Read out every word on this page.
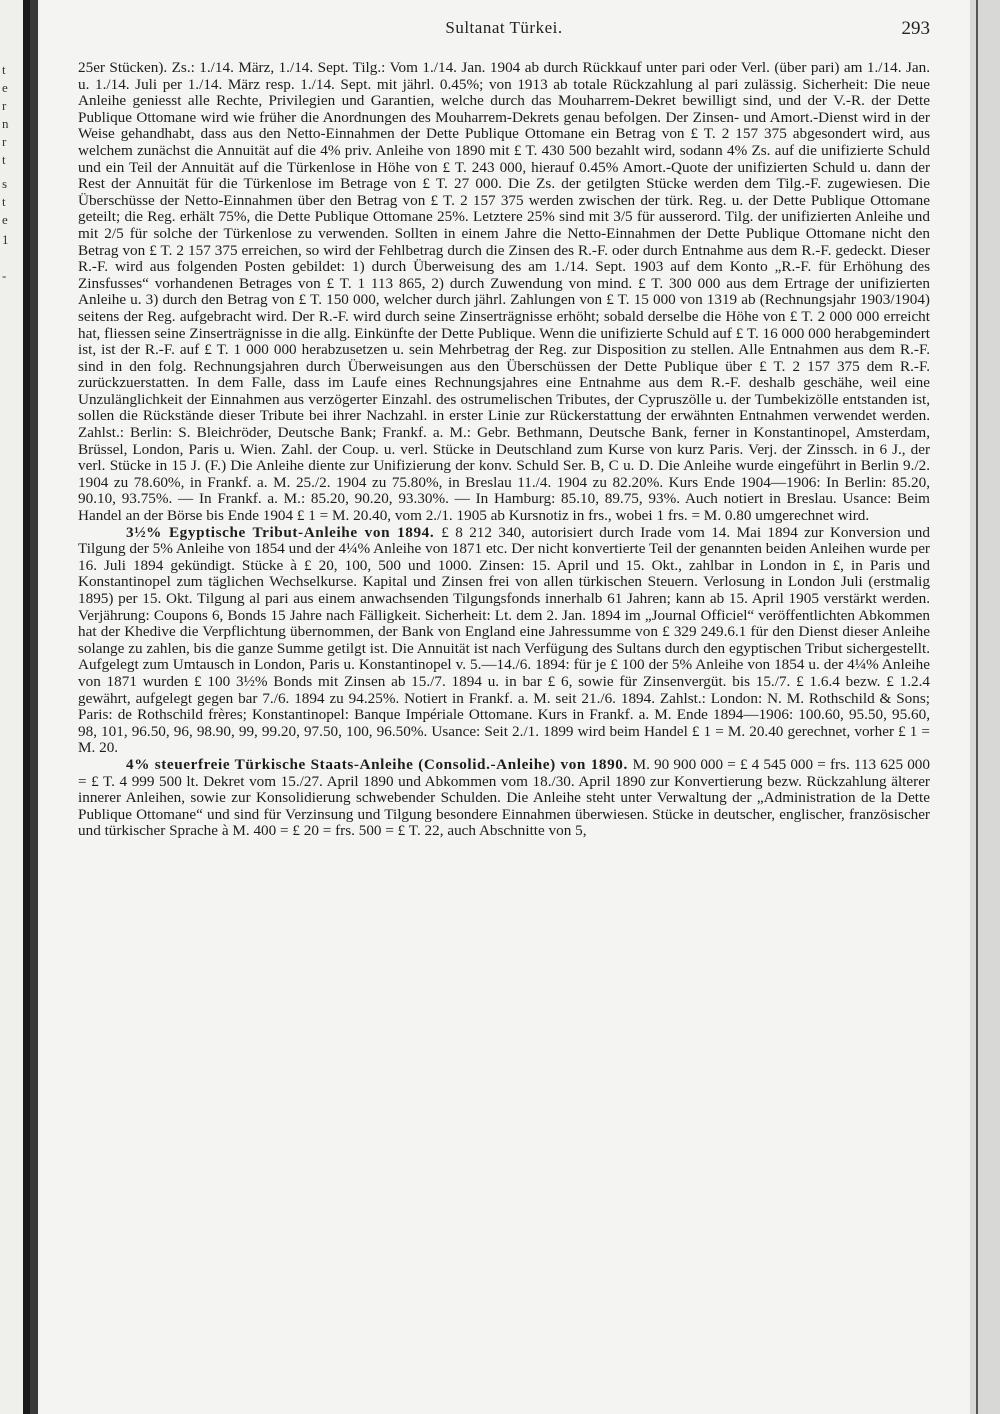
t
e
r
n
r
t
s
t
e
1
-
Sultanat Türkei.	293

25er Stücken). Zs.: 1./14. März, 1./14. Sept. Tilg.: Vom 1./14. Jan. 1904 ab durch Rückkauf unter pari oder Verl. (über pari) am 1./14. Jan. u. 1./14. Juli per 1./14. März resp. 1./14. Sept. mit jährl. 0.45%; von 1913 ab totale Rückzahlung al pari zulässig. Sicherheit: Die neue Anleihe geniesst alle Rechte, Privilegien und Garantien, welche durch das Mouharrem-Dekret bewilligt sind, und der V.-R. der Dette Publique Ottomane wird wie früher die Anordnungen des Mouharrem-Dekrets genau befolgen. Der Zinsen- und Amort.-Dienst wird in der Weise gehandhabt, dass aus den Netto-Einnahmen der Dette Publique Ottomane ein Betrag von £ T. 2 157 375 abgesondert wird, aus welchem zunächst die Annuität auf die 4% priv. Anleihe von 1890 mit £ T. 430 500 bezahlt wird, sodann 4% Zs. auf die unifizierte Schuld und ein Teil der Annuität auf die Türkenlose in Höhe von £ T. 243 000, hierauf 0.45% Amort.-Quote der unifizierten Schuld u. dann der Rest der Annuität für die Türkenlose im Betrage von £ T. 27 000. Die Zs. der getilgten Stücke werden dem Tilg.-F. zugewiesen. Die Überschüsse der Netto-Einnahmen über den Betrag von £ T. 2 157 375 werden zwischen der türk. Reg. u. der Dette Publique Ottomane geteilt; die Reg. erhält 75%, die Dette Publique Ottomane 25%. Letztere 25% sind mit 3/5 für ausserord. Tilg. der unifizierten Anleihe und mit 2/5 für solche der Türkenlose zu verwenden. Sollten in einem Jahre die Netto-Einnahmen der Dette Publique Ottomane nicht den Betrag von £ T. 2 157 375 erreichen, so wird der Fehlbetrag durch die Zinsen des R.-F. oder durch Entnahme aus dem R.-F. gedeckt. Dieser R.-F. wird aus folgenden Posten gebildet: 1) durch Überweisung des am 1./14. Sept. 1903 auf dem Konto „R.-F. für Erhöhung des Zinsfusses“ vorhandenen Betrages von £ T. 1 113 865, 2) durch Zuwendung von mind. £ T. 300 000 aus dem Ertrage der unifizierten Anleihe u. 3) durch den Betrag von £ T. 150 000, welcher durch jährl. Zahlungen von £ T. 15 000 von 1319 ab (Rechnungsjahr 1903/1904) seitens der Reg. aufgebracht wird. Der R.-F. wird durch seine Zinserträgnisse erhöht; sobald derselbe die Höhe von £ T. 2 000 000 erreicht hat, fliessen seine Zinserträgnisse in die allg. Einkünfte der Dette Publique. Wenn die unifizierte Schuld auf £ T. 16 000 000 herabgemindert ist, ist der R.-F. auf £ T. 1 000 000 herabzusetzen u. sein Mehrbetrag der Reg. zur Disposition zu stellen. Alle Entnahmen aus dem R.-F. sind in den folg. Rechnungsjahren durch Überweisungen aus den Überschüssen der Dette Publique über £ T. 2 157 375 dem R.-F. zurückzuerstatten. In dem Falle, dass im Laufe eines Rechnungsjahres eine Entnahme aus dem R.-F. deshalb geschähe, weil eine Unzulänglichkeit der Einnahmen aus verzögerter Einzahl. des ostrumelischen Tributes, der Cypruszölle u. der Tumbekizölle entstanden ist, sollen die Rückstände dieser Tribute bei ihrer Nachzahl. in erster Linie zur Rückerstattung der erwähnten Entnahmen verwendet werden. Zahlst.: Berlin: S. Bleichröder, Deutsche Bank; Frankf. a. M.: Gebr. Bethmann, Deutsche Bank, ferner in Konstantinopel, Amsterdam, Brüssel, London, Paris u. Wien. Zahl. der Coup. u. verl. Stücke in Deutschland zum Kurse von kurz Paris. Verj. der Zinssch. in 6 J., der verl. Stücke in 15 J. (F.) Die Anleihe diente zur Unifizierung der konv. Schuld Ser. B, C u. D. Die Anleihe wurde eingeführt in Berlin 9./2. 1904 zu 78.60%, in Frankf. a. M. 25./2. 1904 zu 75.80%, in Breslau 11./4. 1904 zu 82.20%. Kurs Ende 1904—1906: In Berlin: 85.20, 90.10, 93.75%. — In Frankf. a. M.: 85.20, 90.20, 93.30%. — In Hamburg: 85.10, 89.75, 93%. Auch notiert in Breslau. Usance: Beim Handel an der Börse bis Ende 1904 £ 1 = M. 20.40, vom 2./1. 1905 ab Kursnotiz in frs., wobei 1 frs. = M. 0.80 umgerechnet wird.

3½% Egyptische Tribut-Anleihe von 1894. £ 8 212 340, autorisiert durch Irade vom 14. Mai 1894 zur Konversion und Tilgung der 5% Anleihe von 1854 und der 4¼% Anleihe von 1871 etc. Der nicht konvertierte Teil der genannten beiden Anleihen wurde per 16. Juli 1894 gekündigt. Stücke à £ 20, 100, 500 und 1000. Zinsen: 15. April und 15. Okt., zahlbar in London in £, in Paris und Konstantinopel zum täglichen Wechselkurse. Kapital und Zinsen frei von allen türkischen Steuern. Verlosung in London Juli (erstmalig 1895) per 15. Okt. Tilgung al pari aus einem anwachsenden Tilgungsfonds innerhalb 61 Jahren; kann ab 15. April 1905 verstärkt werden. Verjährung: Coupons 6, Bonds 15 Jahre nach Fälligkeit. Sicherheit: Lt. dem 2. Jan. 1894 im „Journal Officiel“ veröffentlichten Abkommen hat der Khedive die Verpflichtung übernommen, der Bank von England eine Jahressumme von £ 329 249.6.1 für den Dienst dieser Anleihe solange zu zahlen, bis die ganze Summe getilgt ist. Die Annuität ist nach Verfügung des Sultans durch den egyptischen Tribut sichergestellt. Aufgelegt zum Umtausch in London, Paris u. Konstantinopel v. 5.—14./6. 1894: für je £ 100 der 5% Anleihe von 1854 u. der 4¼% Anleihe von 1871 wurden £ 100 3½% Bonds mit Zinsen ab 15./7. 1894 u. in bar £ 6, sowie für Zinsenvergüt. bis 15./7. £ 1.6.4 bezw. £ 1.2.4 gewährt, aufgelegt gegen bar 7./6. 1894 zu 94.25%. Notiert in Frankf. a. M. seit 21./6. 1894. Zahlst.: London: N. M. Rothschild & Sons; Paris: de Rothschild frères; Konstantinopel: Banque Impériale Ottomane. Kurs in Frankf. a. M. Ende 1894—1906: 100.60, 95.50, 95.60, 98, 101, 96.50, 96, 98.90, 99, 99.20, 97.50, 100, 96.50%. Usance: Seit 2./1. 1899 wird beim Handel £ 1 = M. 20.40 gerechnet, vorher £ 1 = M. 20.

4% steuerfreie Türkische Staats-Anleihe (Consolid.-Anleihe) von 1890. M. 90 900 000 = £ 4 545 000 = frs. 113 625 000 = £ T. 4 999 500 lt. Dekret vom 15./27. April 1890 und Abkommen vom 18./30. April 1890 zur Konvertierung bezw. Rückzahlung älterer innerer Anleihen, sowie zur Konsolidierung schwebender Schulden. Die Anleihe steht unter Verwaltung der „Administration de la Dette Publique Ottomane“ und sind für Verzinsung und Tilgung besondere Einnahmen überwiesen. Stücke in deutscher, englischer, französischer und türkischer Sprache à M. 400 = £ 20 = frs. 500 = £ T. 22, auch Abschnitte von 5,
